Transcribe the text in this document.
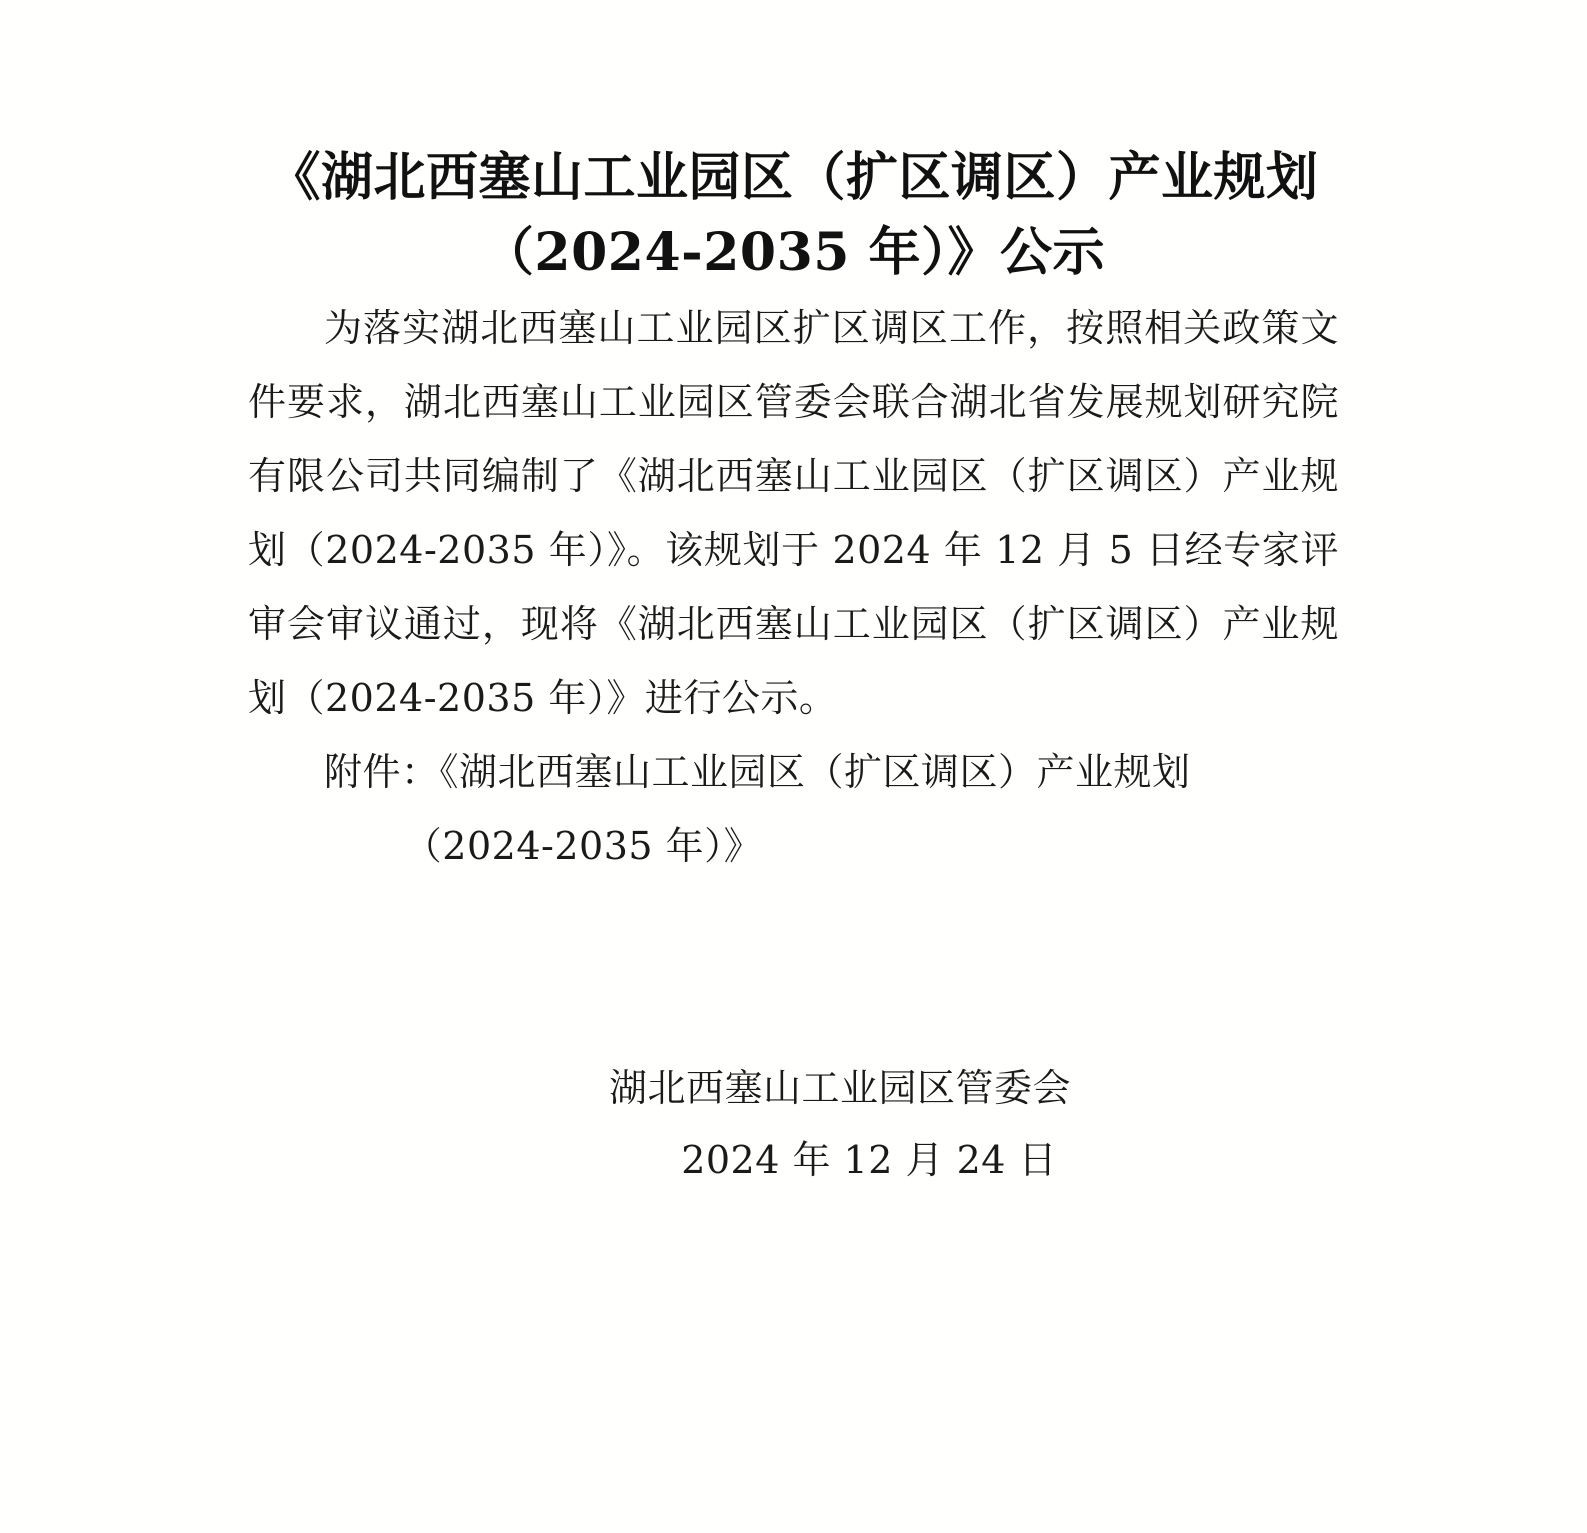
《湖北西塞山工业园区（扩区调区）产业规划（2024-2035 年）》公示

为落实湖北西塞山工业园区扩区调区工作，按照相关政策文件要求，湖北西塞山工业园区管委会联合湖北省发展规划研究院有限公司共同编制了《湖北西塞山工业园区（扩区调区）产业规划（2024-2035 年）》。该规划于 2024 年 12 月 5 日经专家评审会审议通过，现将《湖北西塞山工业园区（扩区调区）产业规划（2024-2035 年）》进行公示。

附件：《湖北西塞山工业园区（扩区调区）产业规划
（2024-2035 年）》

湖北西塞山工业园区管委会
2024 年 12 月 24 日
